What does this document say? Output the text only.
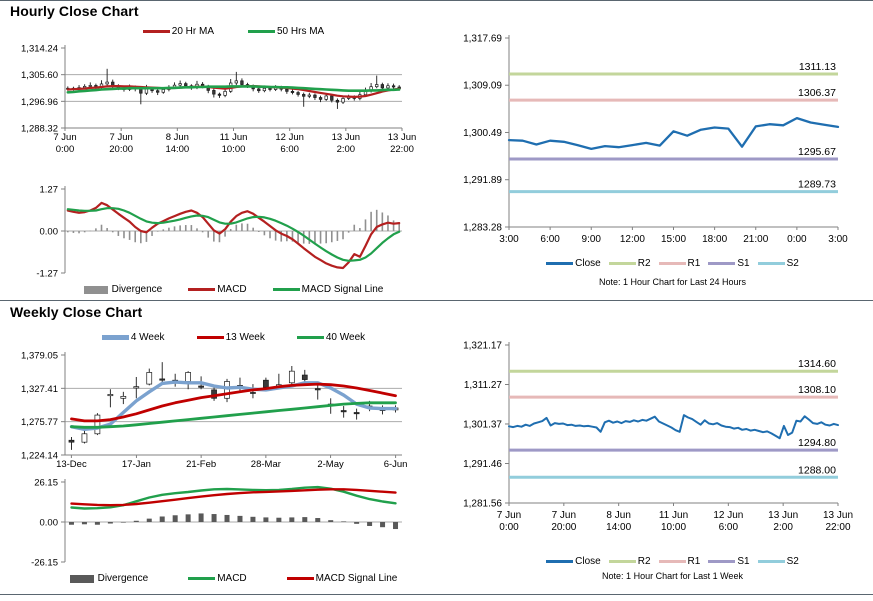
Hourly Close Chart
20 Hr MA	50 Hrs MA
1,314.24
1,305.60
1,296.96
1,288.32
7 Jun
0:00
7 Jun
20:00
8 Jun
14:00
11 Jun
10:00
12 Jun
6:00
13 Jun
2:00
13 Jun
22:00
1.27
0.00
-1.27
Divergence	MACD	MACD Signal Line
1,317.69
1,309.09
1,300.49
1,291.89
1,283.28
3:00 6:00 9:00 12:00 15:00 18:00 21:00 0:00 3:00
1311.13
1306.37
1295.67
1289.73
Close	R2	R1	S1	S2
Note: 1 Hour Chart for Last 24 Hours
Weekly Close Chart
4 Week	13 Week	40 Week
1,379.05
1,327.41
1,275.77
1,224.14
13-Dec	17-Jan	21-Feb	28-Mar	2-May	6-Jun
26.15
0.00
-26.15
Divergence	MACD	MACD Signal Line
1,321.17
1,311.27
1,301.37
1,291.46
1,281.56
7 Jun
0:00
7 Jun
20:00
8 Jun
14:00
11 Jun
10:00
12 Jun
6:00
13 Jun
2:00
13 Jun
22:00
1314.60
1308.10
1294.80
1288.00
Close	R2	R1	S1	S2
Note: 1 Hour Chart for Last 1 Week
